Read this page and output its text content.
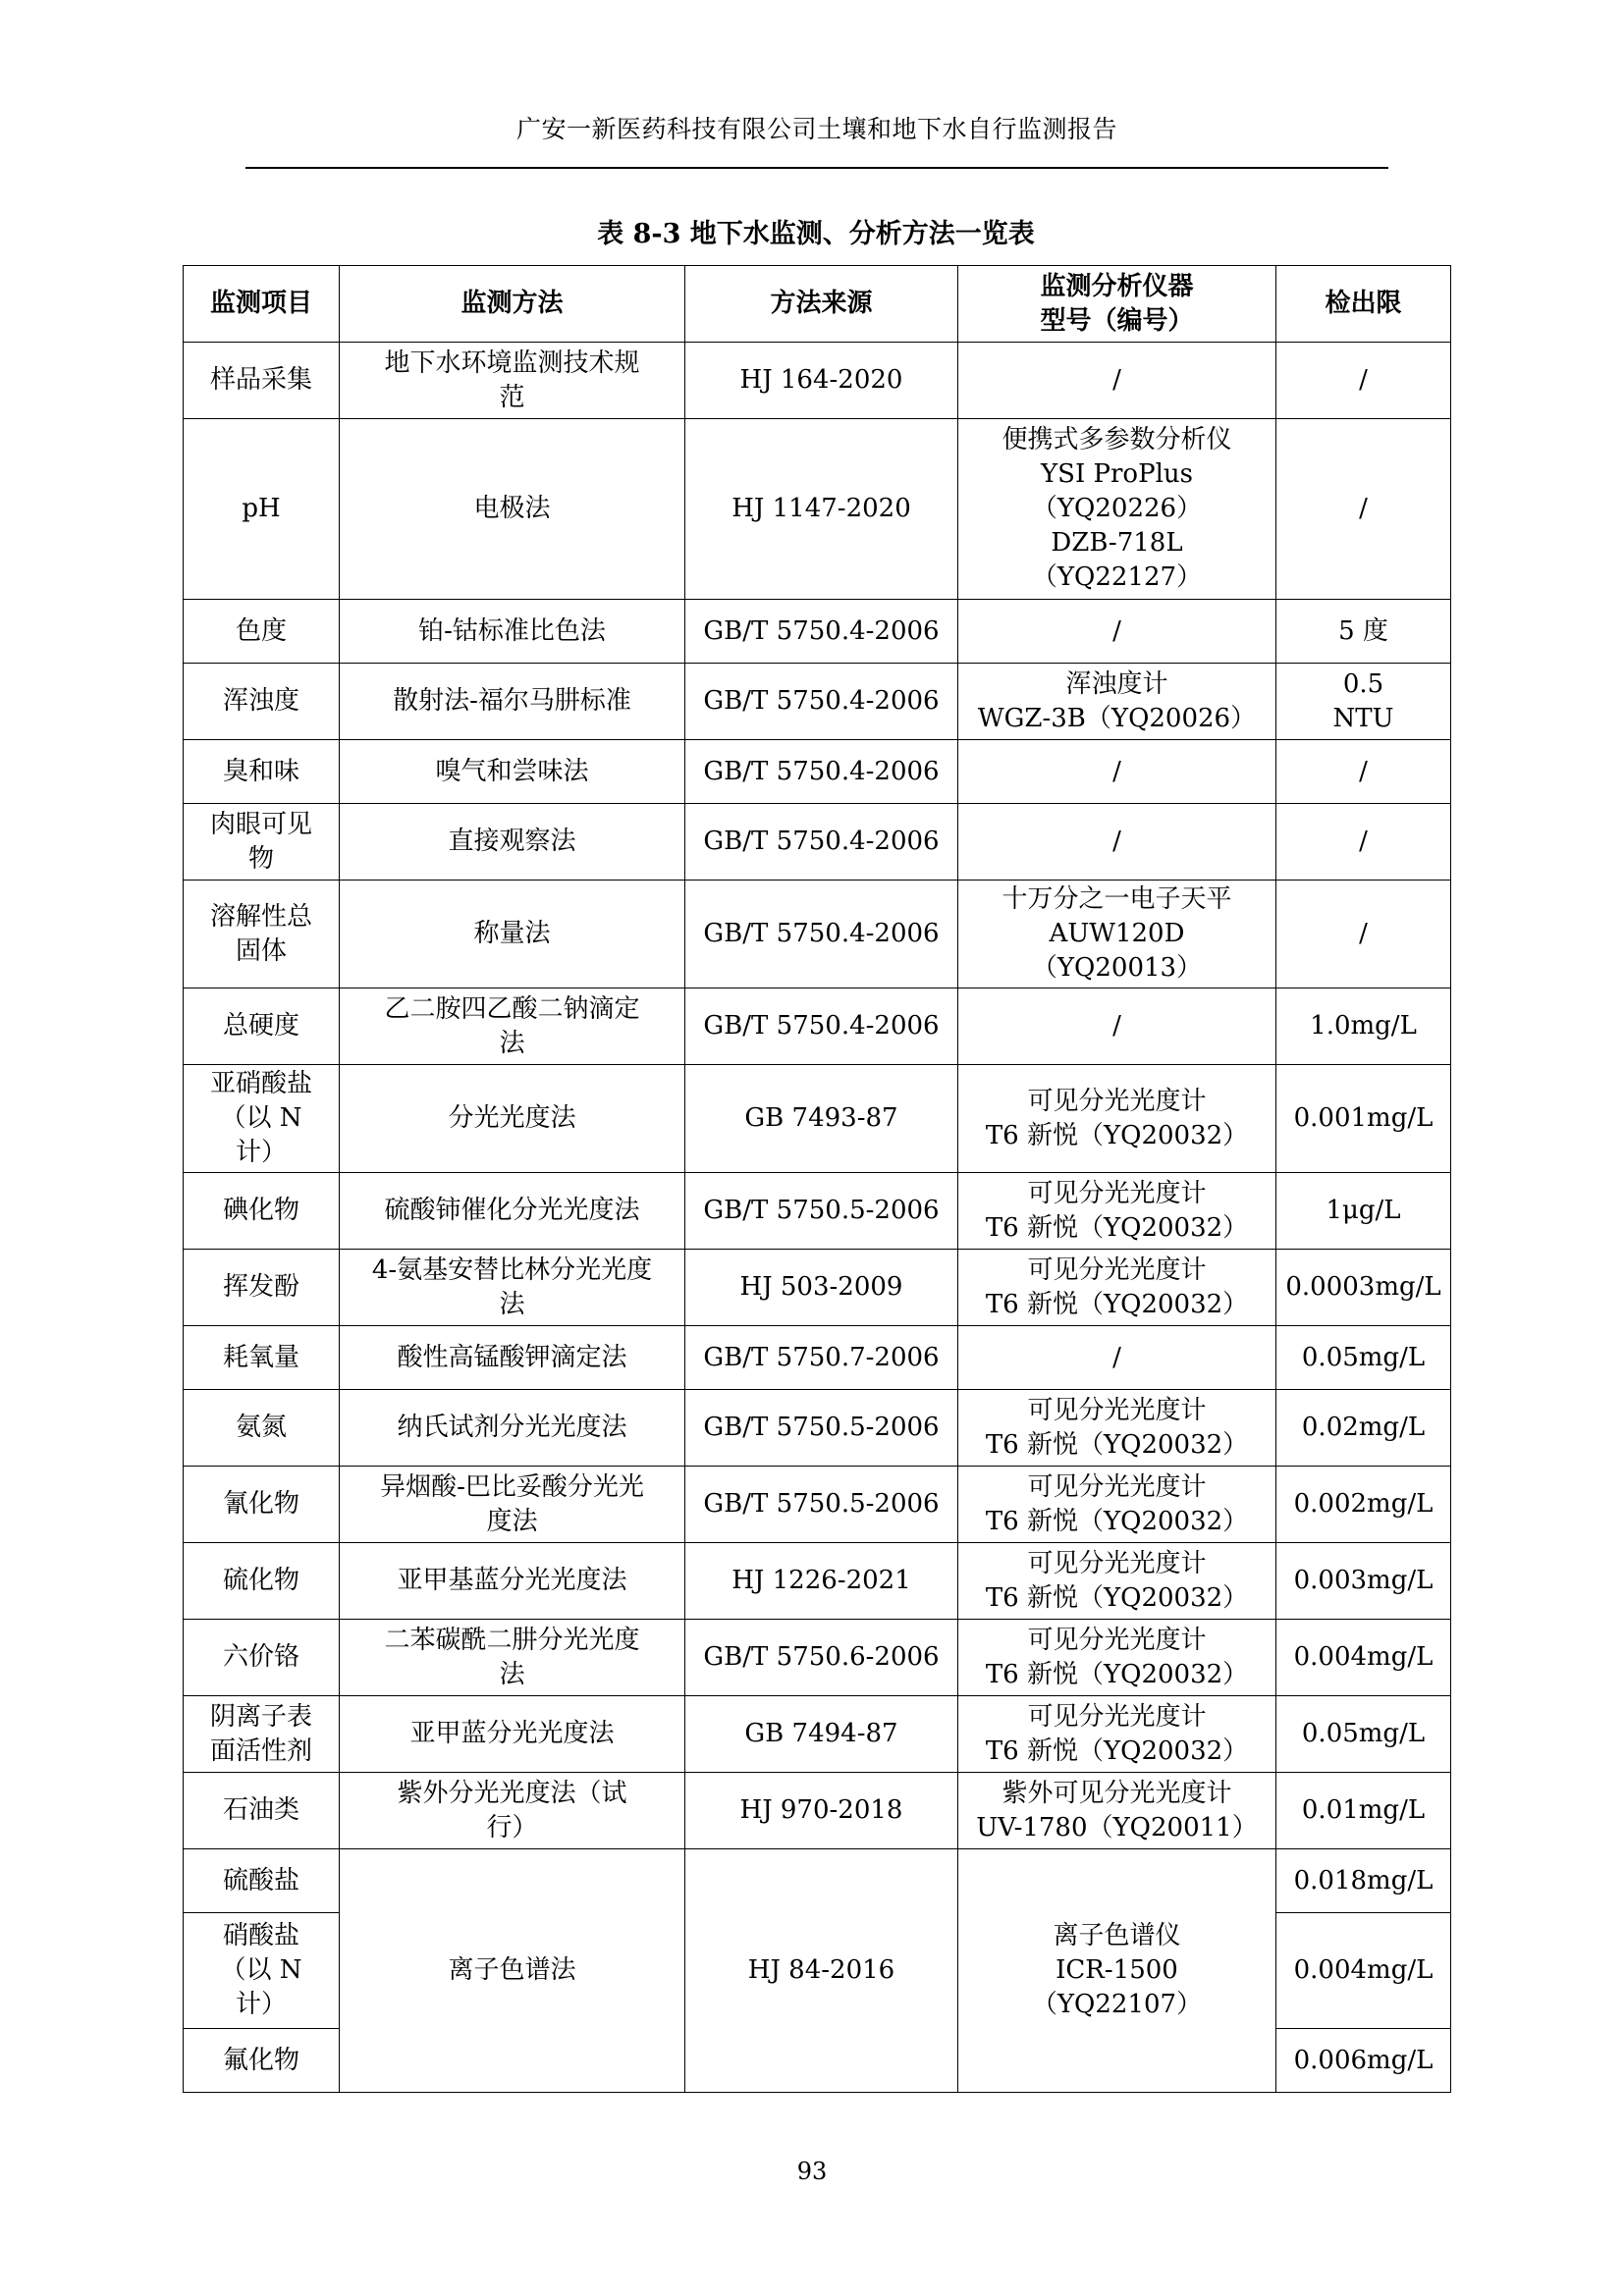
广安一新医药科技有限公司土壤和地下水自行监测报告
表 8-3 地下水监测、分析方法一览表
监测项目	监测方法	方法来源	监测分析仪器
型号（编号）	检出限
样品采集	地下水环境监测技术规
范	HJ 164-2020	/	/
pH	电极法	HJ 1147-2020	便携式多参数分析仪
YSI ProPlus
（YQ20226）
DZB-718L
（YQ22127）	/
色度	铂-钴标准比色法	GB/T 5750.4-2006	/	5 度
浑浊度	散射法-福尔马肼标准	GB/T 5750.4-2006	浑浊度计
WGZ-3B（YQ20026）	0.5
NTU

臭和味	嗅气和尝味法	GB/T 5750.4-2006	/	/

肉眼可见
物	直接观察法	GB/T 5750.4-2006	/	/

溶解性总
固体	称量法	GB/T 5750.4-2006	十万分之一电子天平
AUW120D
（YQ20013）	/
总硬度	乙二胺四乙酸二钠滴定
法	GB/T 5750.4-2006	/	1.0mg/L

亚硝酸盐
（以 N
计）	分光光度法	GB 7493-87	可见分光光度计
T6 新悦（YQ20032）	0.001mg/L
碘化物	硫酸铈催化分光光度法	GB/T 5750.5-2006	可见分光光度计
T6 新悦（YQ20032）	1μg/L
挥发酚	4-氨基安替比林分光光度
法	HJ 503-2009	可见分光光度计
T6 新悦（YQ20032）	0.0003mg/L
耗氧量	酸性高锰酸钾滴定法	GB/T 5750.7-2006	/	0.05mg/L
氨氮	纳氏试剂分光光度法	GB/T 5750.5-2006	可见分光光度计
T6 新悦（YQ20032）	0.02mg/L
氰化物	异烟酸-巴比妥酸分光光
度法	GB/T 5750.5-2006	可见分光光度计
T6 新悦（YQ20032）	0.002mg/L
硫化物	亚甲基蓝分光光度法	HJ 1226-2021	可见分光光度计
T6 新悦（YQ20032）	0.003mg/L
六价铬	二苯碳酰二肼分光光度
法	GB/T 5750.6-2006	可见分光光度计
T6 新悦（YQ20032）	0.004mg/L

阴离子表
面活性剂	亚甲蓝分光光度法	GB 7494-87	可见分光光度计
T6 新悦（YQ20032）	0.05mg/L
石油类	紫外分光光度法（试
行）	HJ 970-2018	紫外可见分光光度计
UV-1780（YQ20011）	0.01mg/L
硫酸盐	离子色谱法	HJ 84-2016	离子色谱仪
ICR-1500
（YQ22107）	0.018mg/L

硝酸盐
（以 N
计）				0.004mg/L
氟化物				0.006mg/L
93
